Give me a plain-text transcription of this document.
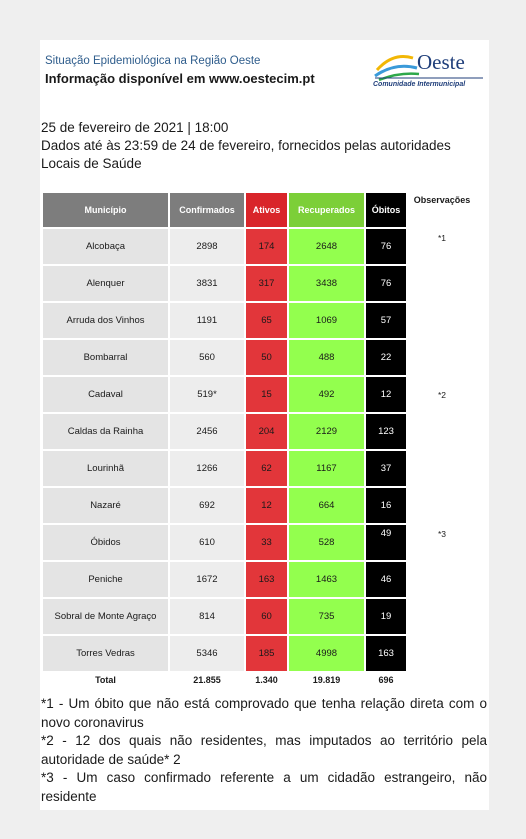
Situação Epidemiológica na Região Oeste
Informação disponível em www.oestecim.pt
Oeste
Comunidade Intermunicipal
25 de fevereiro de 2021 | 18:00
Dados até às 23:59 de 24 de fevereiro, fornecidos pelas autoridades Locais de Saúde
Município	Confirmados	Ativos	Recuperados	Óbitos	Observações
Alcobaça	2898	174	2648	76	*1
Alenquer	3831	317	3438	76	
Arruda dos Vinhos	1191	65	1069	57	
Bombarral	560	50	488	22	
Cadaval	519*	15	492	12	*2
Caldas da Rainha	2456	204	2129	123	
Lourinhã	1266	62	1167	37	
Nazaré	692	12	664	16	
Óbidos	610	33	528	49	*3
Peniche	1672	163	1463	46	
Sobral de Monte Agraço	814	60	735	19	
Torres Vedras	5346	185	4998	163	
Total	21.855	1.340	19.819	696	

*1 - Um óbito que não está comprovado que tenha relação direta com o novo coronavirus

*2 - 12 dos quais não residentes, mas imputados ao território pela autoridade de saúde* 2

*3 - Um caso confirmado referente a um cidadão estrangeiro, não residente
